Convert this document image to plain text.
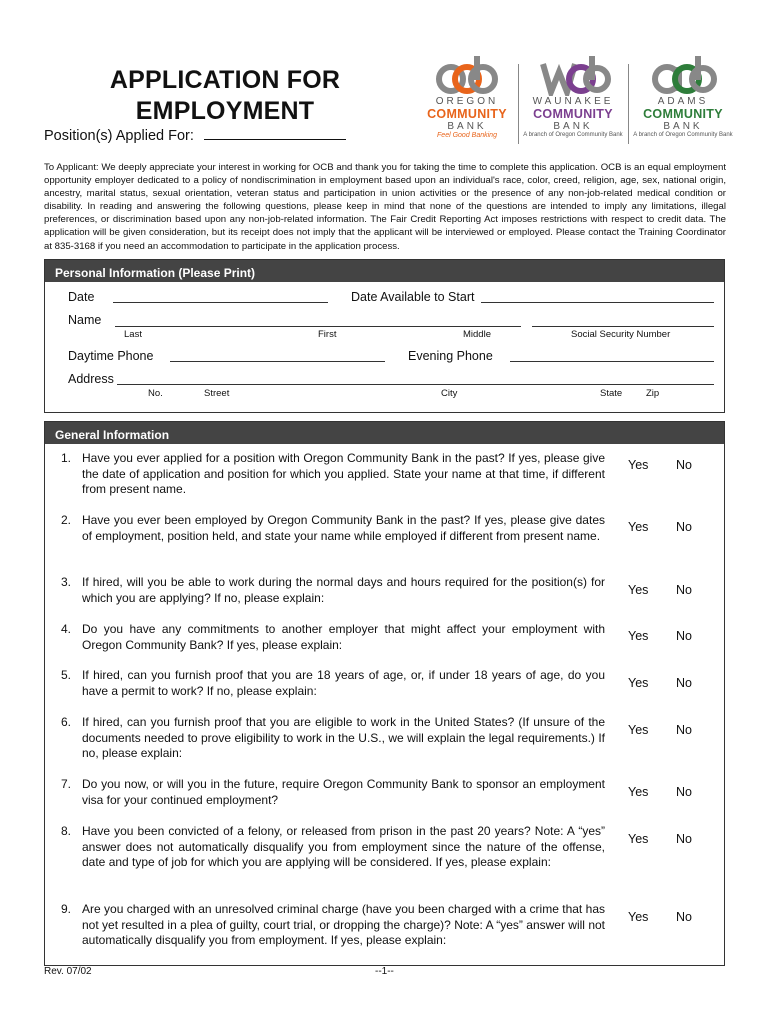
APPLICATION FOR
EMPLOYMENT
Position(s) Applied For:
OREGON
COMMUNITY
BANK
Feel Good Banking
WAUNAKEE
COMMUNITY
BANK
A branch of Oregon Community Bank
ADAMS
COMMUNITY
BANK
A branch of Oregon Community Bank
To Applicant: We deeply appreciate your interest in working for OCB and thank you for taking the time to complete this application. OCB is an equal employment opportunity employer dedicated to a policy of nondiscrimination in employment based upon an individual's race, color, creed, religion, age, sex, national origin, ancestry, marital status, sexual orientation, veteran status and participation in union activities or the presence of any non-job-related medical condition or disability. In reading and answering the following questions, please keep in mind that none of the questions are intended to imply any limitations, illegal preferences, or discrimination based upon any non-job-related information. The Fair Credit Reporting Act imposes restrictions with respect to credit data. The application will be given consideration, but its receipt does not imply that the applicant will be interviewed or employed. Please contact the Training Coordinator at 835-3168 if you need an accommodation to participate in the application process.
Personal Information (Please Print)
Date	Date Available to Start
Name
Last	First	Middle	Social Security Number
Daytime Phone	Evening Phone
Address
No.	Street	City	State	Zip
General Information
1. Have you ever applied for a position with Oregon Community Bank in the past? If yes, please give the date of application and position for which you applied. State your name at that time, if different from present name.
Yes No
2. Have you ever been employed by Oregon Community Bank in the past? If yes, please give dates of employment, position held, and state your name while employed if different from present name.
Yes No
3. If hired, will you be able to work during the normal days and hours required for the position(s) for which you are applying? If no, please explain:
Yes No
4. Do you have any commitments to another employer that might affect your employment with Oregon Community Bank? If yes, please explain:
Yes No
5. If hired, can you furnish proof that you are 18 years of age, or, if under 18 years of age, do you have a permit to work? If no, please explain:
Yes No
6. If hired, can you furnish proof that you are eligible to work in the United States? (If unsure of the documents needed to prove eligibility to work in the U.S., we will explain the legal requirements.) If no, please explain:
Yes No
7. Do you now, or will you in the future, require Oregon Community Bank to sponsor an employment visa for your continued employment?
Yes No
8. Have you been convicted of a felony, or released from prison in the past 20 years? Note: A “yes” answer does not automatically disqualify you from employment since the nature of the offense, date and type of job for which you are applying will be considered. If yes, please explain:
Yes No
9. Are you charged with an unresolved criminal charge (have you been charged with a crime that has not yet resulted in a plea of guilty, court trial, or dropping the charge)? Note: A “yes” answer will not automatically disqualify you from employment. If yes, please explain:
Yes No
Rev. 07/02	--1--
